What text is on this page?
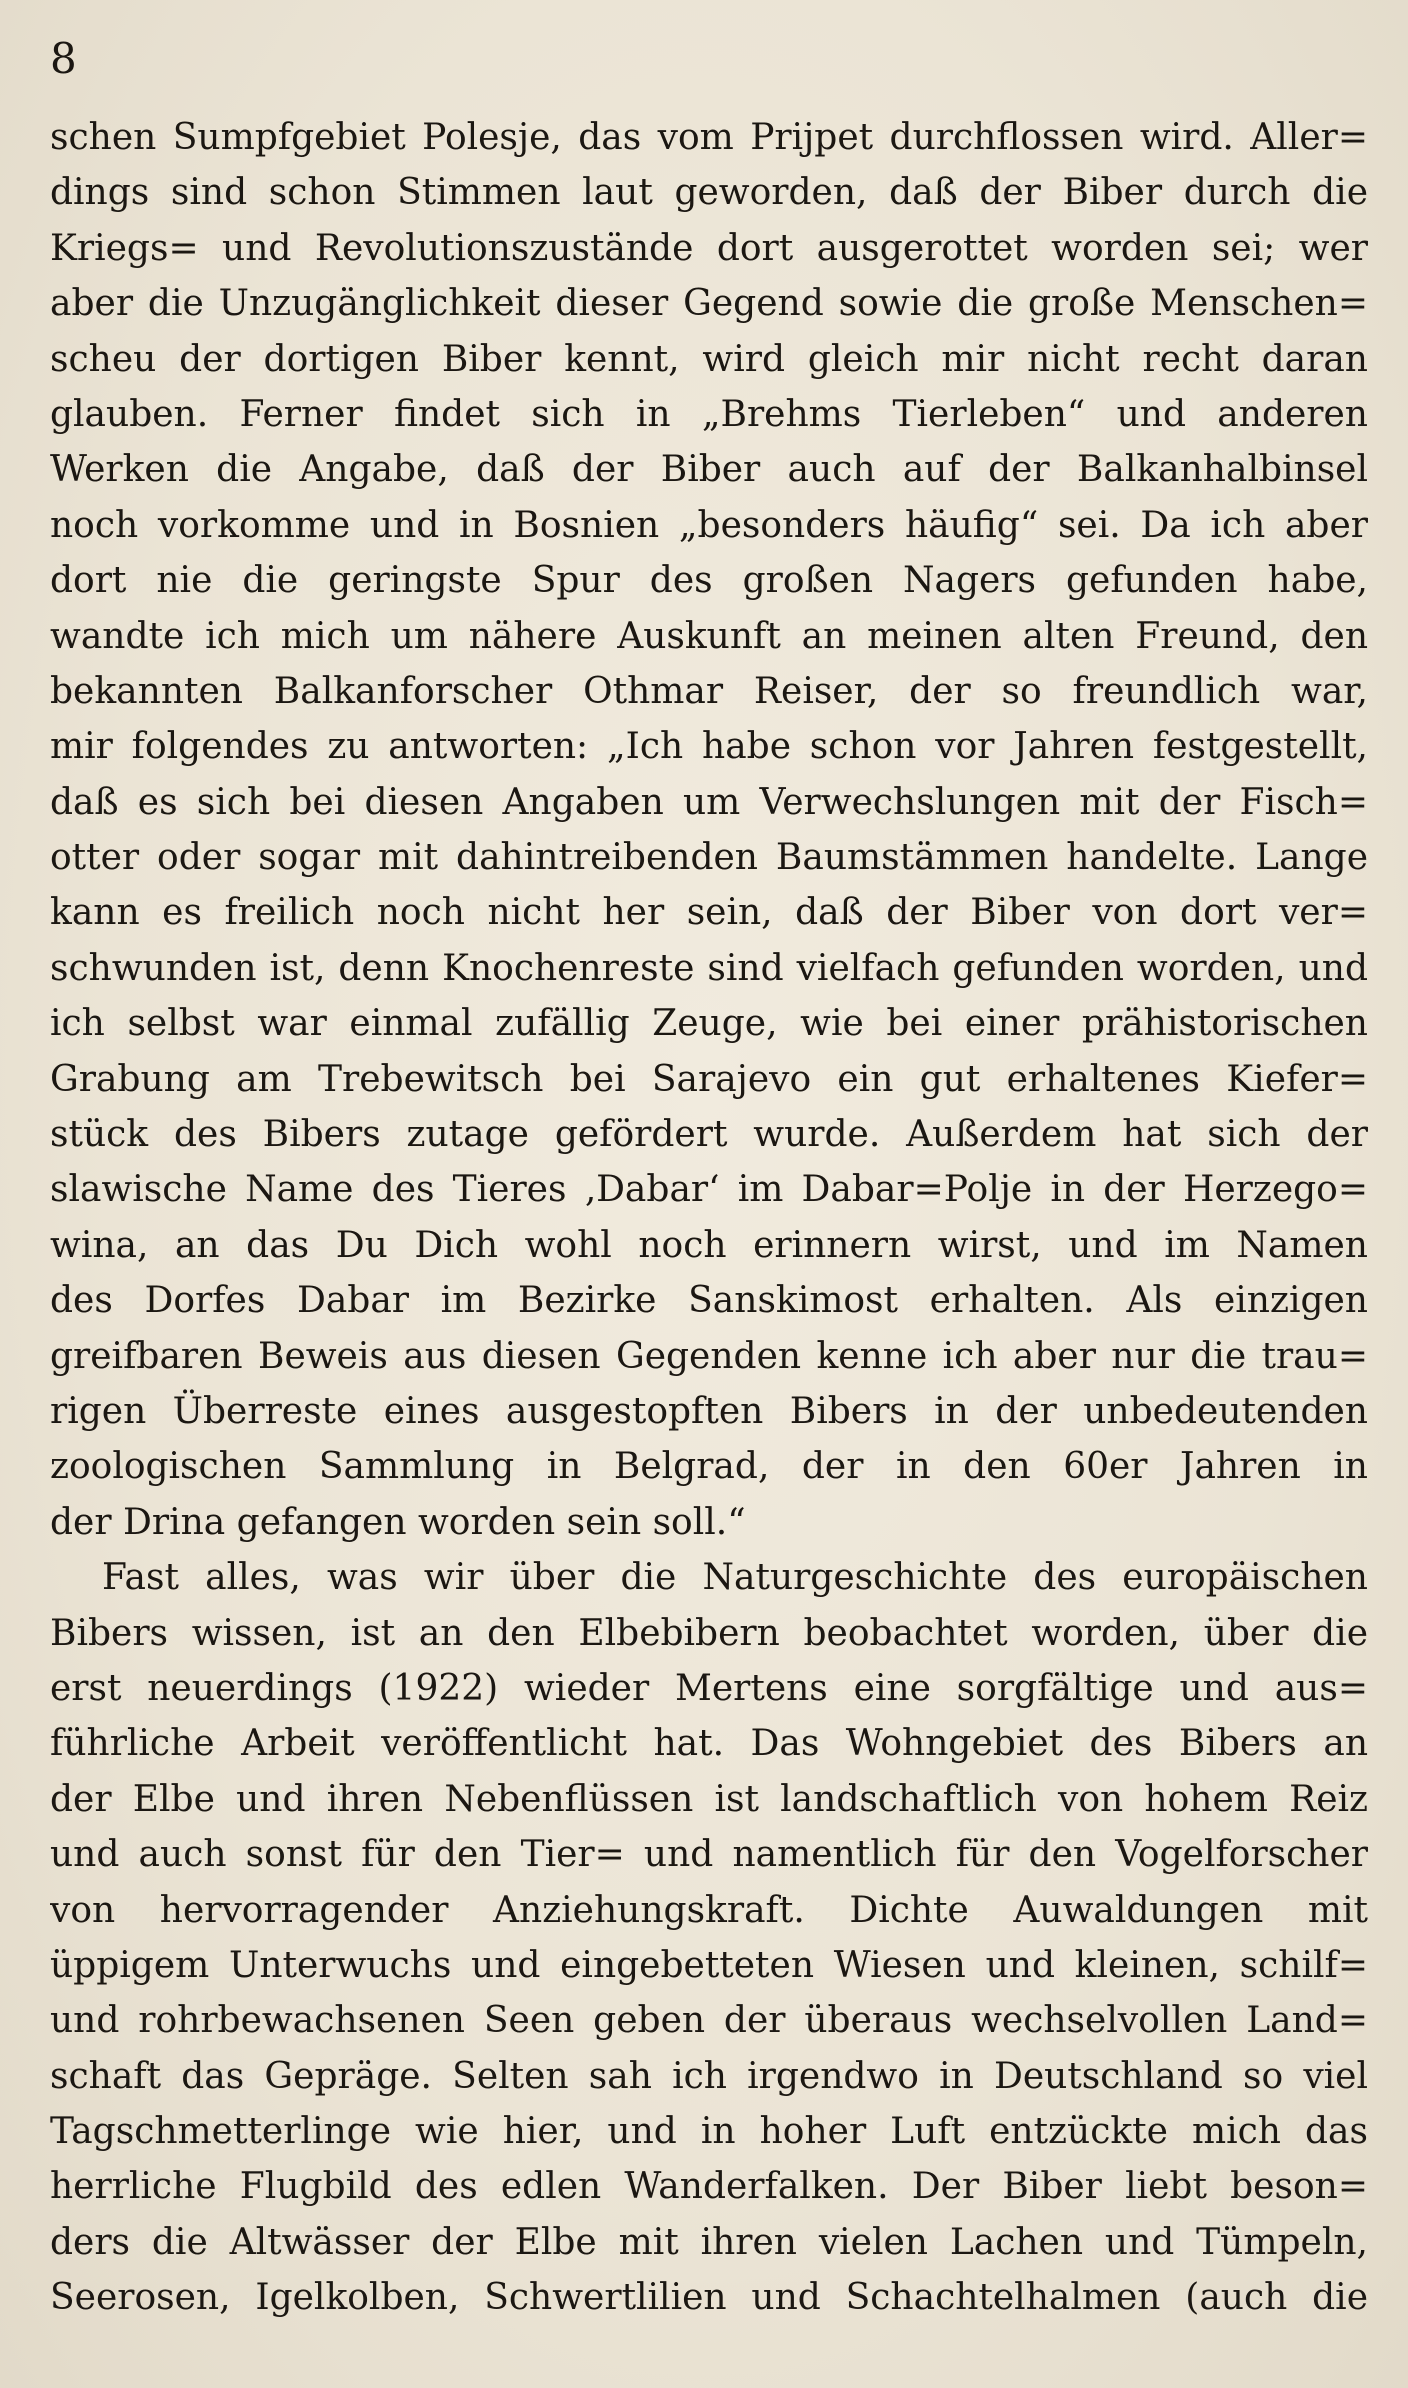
8
schen Sumpfgebiet Polesje, das vom Prijpet durchflossen wird. Aller=
dings sind schon Stimmen laut geworden, daß der Biber durch die
Kriegs= und Revolutionszustände dort ausgerottet worden sei; wer
aber die Unzugänglichkeit dieser Gegend sowie die große Menschen=
scheu der dortigen Biber kennt, wird gleich mir nicht recht daran
glauben. Ferner findet sich in „Brehms Tierleben“ und anderen
Werken die Angabe, daß der Biber auch auf der Balkanhalbinsel
noch vorkomme und in Bosnien „besonders häufig“ sei. Da ich aber
dort nie die geringste Spur des großen Nagers gefunden habe,
wandte ich mich um nähere Auskunft an meinen alten Freund, den
bekannten Balkanforscher Othmar Reiser, der so freundlich war,
mir folgendes zu antworten: „Ich habe schon vor Jahren festgestellt,
daß es sich bei diesen Angaben um Verwechslungen mit der Fisch=
otter oder sogar mit dahintreibenden Baumstämmen handelte. Lange
kann es freilich noch nicht her sein, daß der Biber von dort ver=
schwunden ist, denn Knochenreste sind vielfach gefunden worden, und
ich selbst war einmal zufällig Zeuge, wie bei einer prähistorischen
Grabung am Trebewitsch bei Sarajevo ein gut erhaltenes Kiefer=
stück des Bibers zutage gefördert wurde. Außerdem hat sich der
slawische Name des Tieres ‚Dabar‘ im Dabar=Polje in der Herzego=
wina, an das Du Dich wohl noch erinnern wirst, und im Namen
des Dorfes Dabar im Bezirke Sanskimost erhalten. Als einzigen
greifbaren Beweis aus diesen Gegenden kenne ich aber nur die trau=
rigen Überreste eines ausgestopften Bibers in der unbedeutenden
zoologischen Sammlung in Belgrad, der in den 60er Jahren in
der Drina gefangen worden sein soll.“
Fast alles, was wir über die Naturgeschichte des europäischen
Bibers wissen, ist an den Elbebibern beobachtet worden, über die
erst neuerdings (1922) wieder Mertens eine sorgfältige und aus=
führliche Arbeit veröffentlicht hat. Das Wohngebiet des Bibers an
der Elbe und ihren Nebenflüssen ist landschaftlich von hohem Reiz
und auch sonst für den Tier= und namentlich für den Vogelforscher
von hervorragender Anziehungskraft. Dichte Auwaldungen mit
üppigem Unterwuchs und eingebetteten Wiesen und kleinen, schilf=
und rohrbewachsenen Seen geben der überaus wechselvollen Land=
schaft das Gepräge. Selten sah ich irgendwo in Deutschland so viel
Tagschmetterlinge wie hier, und in hoher Luft entzückte mich das
herrliche Flugbild des edlen Wanderfalken. Der Biber liebt beson=
ders die Altwässer der Elbe mit ihren vielen Lachen und Tümpeln,
Seerosen, Igelkolben, Schwertlilien und Schachtelhalmen (auch die
